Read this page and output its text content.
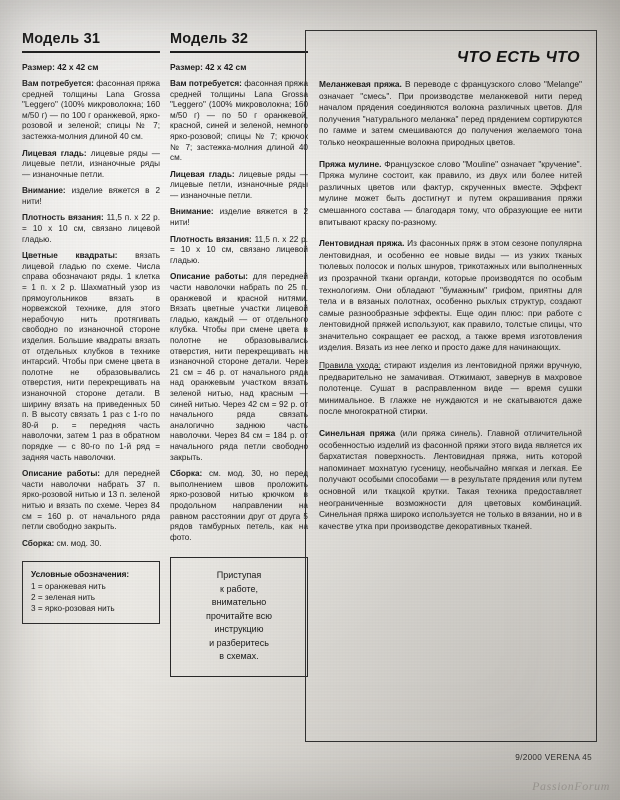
Модель 31
Размер: 42 x 42 см

Вам потребуется: фасонная пряжа средней толщины Lana Grossa "Leggero" (100% микроволокна; 160 м/50 г) — по 100 г оранжевой, ярко-розовой и зеленой; спицы № 7; застежка-молния длиной 40 см.

Лицевая гладь: лицевые ряды — лицевые петли, изнаночные ряды — изнаночные петли.

Внимание: изделие вяжется в 2 нити!

Плотность вязания: 11,5 п. х 22 р. = 10 х 10 см, связано лицевой гладью.

Цветные квадраты: вязать лицевой гладью по схеме. Числа справа обозначают ряды. 1 клетка = 1 п. х 2 р. Шахматный узор из прямоугольников вязать в норвежской технике, для этого нерабочую нить протягивать свободно по изнаночной стороне изделия. Большие квадраты вязать от отдельных клубков в технике интарсий. Чтобы при смене цвета в полотне не образовывались отверстия, нити перекрещивать на изнаночной стороне детали. В ширину вязать на приведенных 50 п. В высоту связать 1 раз с 1-го по 80-й р. = передняя часть наволочки, затем 1 раз в обратном порядке — с 80-го по 1-й ряд = задняя часть наволочки.

Описание работы: для передней части наволочки набрать 37 п. ярко-розовой нитью и 13 п. зеленой нитью и вязать по схеме. Через 84 см = 160 р. от начального ряда петли свободно закрыть.

Сборка: см. мод. 30.

Условные обозначения:
1 = оранжевая нить
2 = зеленая нить
3 = ярко-розовая нить
Модель 32
Размер: 42 x 42 см

Вам потребуется: фасонная пряжа средней толщины Lana Grossa "Leggero" (100% микроволокна; 160 м/50 г) — по 50 г оранжевой, красной, синей и зеленой, немного ярко-розовой; спицы № 7; крючок № 7; застежка-молния длиной 40 см.

Лицевая гладь: лицевые ряды — лицевые петли, изнаночные ряды — изнаночные петли.

Внимание: изделие вяжется в 2 нити!

Плотность вязания: 11,5 п. х 22 р. = 10 х 10 см, связано лицевой гладью.

Описание работы: для передней части наволочки набрать по 25 п. оранжевой и красной нитями. Вязать цветные участки лицевой гладью, каждый — от отдельного клубка. Чтобы при смене цвета в полотне не образовывались отверстия, нити перекрещивать на изнаночной стороне детали. Через 21 см = 46 р. от начального ряда над оранжевым участком вязать зеленой нитью, над красным — синей нитью. Через 42 см = 92 р. от начального ряда связать аналогично заднюю часть наволочки. Через 84 см = 184 р. от начального ряда петли свободно закрыть.

Сборка: см. мод. 30, но перед выполнением швов проложить ярко-розовой нитью крючком в продольном направлении на равном расстоянии друг от друга 5 рядов тамбурных петель, как на фото.

Приступая
к работе,
внимательно
прочитайте всю
инструкцию
и разберитесь
в схемах.
ЧТО ЕСТЬ ЧТО

Меланжевая пряжа. В переводе с французского слово "Melange" означает "смесь". При производстве меланжевой нити перед началом прядения соединяются волокна различных цветов. Для получения "натурального меланжа" перед прядением сортируются по гамме и затем смешиваются до получения желаемого тона только неокрашенные волокна природных цветов.

Пряжа мулине. Французское слово "Mouline" означает "кручение". Пряжа мулине состоит, как правило, из двух или более нитей различных цветов или фактур, скрученных вместе. Эффект мулине может быть достигнут и путем окрашивания пряжи смешанного состава — благодаря тому, что образующие ее нити впитывают краску по-разному.

Лентовидная пряжа. Из фасонных пряж в этом сезоне популярна лентовидная, и особенно ее новые виды — из узких тканых тюлевых полосок и полых шнуров, трикотажных или выполненных из прозрачной ткани органди, которые производятся по особым технологиям. Они обладают "бумажным" грифом, приятны для тела и в вязаных полотнах, особенно рыхлых структур, создают самые разнообразные эффекты. Еще один плюс: при работе с лентовидной пряжей используют, как правило, толстые спицы, что значительно сокращает ее расход, а также время изготовления изделия. Вязать из нее легко и просто даже для начинающих.

Правила ухода: стирают изделия из лентовидной пряжи вручную, предварительно не замачивая. Отжимают, завернув в махровое полотенце. Сушат в расправленном виде — время сушки минимальное. В глажке не нуждаются и не скатываются даже после многократной стирки.

Синельная пряжа (или пряжа синель). Главной отличительной особенностью изделий из фасонной пряжи этого вида является их бархатистая поверхность. Лентовидная пряжа, нить которой напоминает мохнатую гусеницу, необычайно мягкая и легкая. Ее получают особыми способами — в результате прядения или путем основной или ткацкой крутки. Такая техника предоставляет неограниченные возможности для цветовых комбинаций. Синельная пряжа широко используется не только в вязании, но и в качестве утка при производстве декоративных тканей.

9/2000 VERENA 45
PassionForum
